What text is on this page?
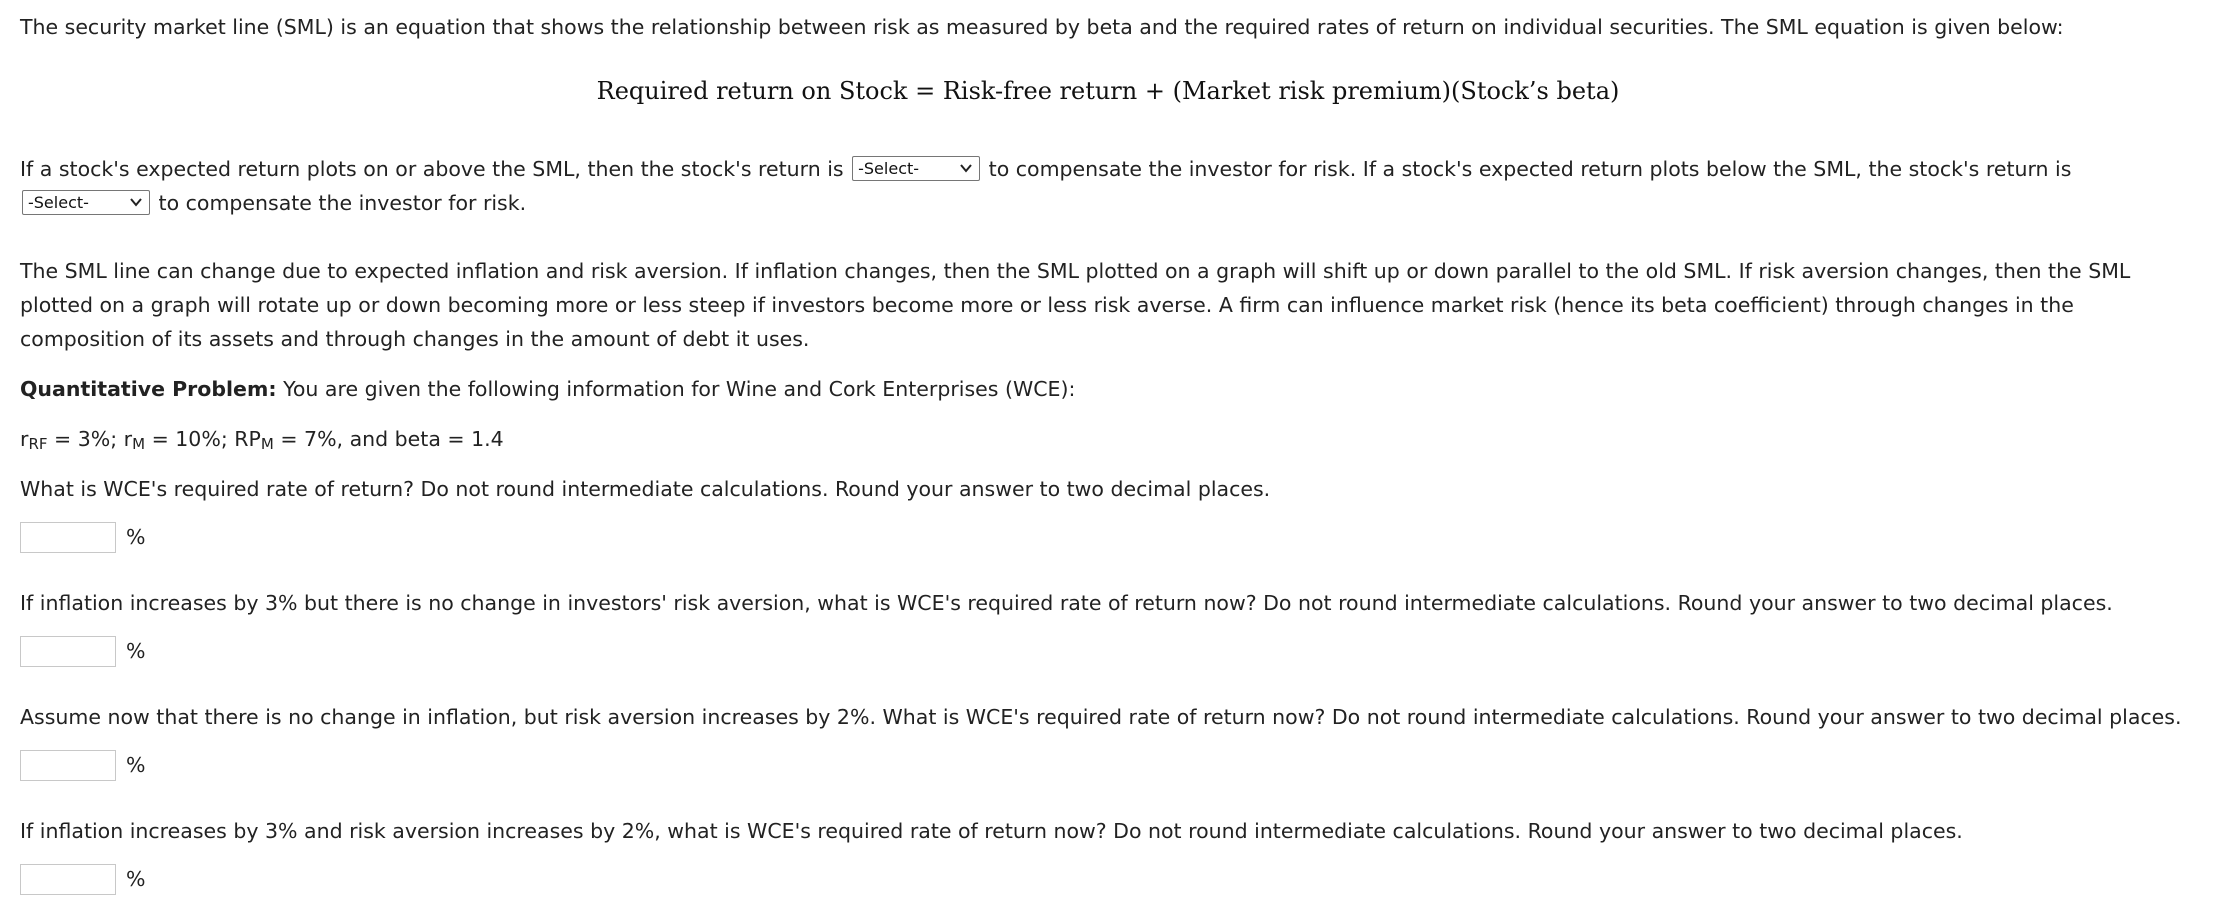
The security market line (SML) is an equation that shows the relationship between risk as measured by beta and the required rates of return on individual securities. The SML equation is given below:

Required return on Stock = Risk-free return + (Market risk premium)(Stock’s beta)

If a stock's expected return plots on or above the SML, then the stock's return is -Select-	to compensate the investor for risk. If a stock's expected return plots below the SML, the stock's return is
-Select-	to compensate the investor for risk.

The SML line can change due to expected inflation and risk aversion. If inflation changes, then the SML plotted on a graph will shift up or down parallel to the old SML. If risk aversion changes, then the SML plotted on a graph will rotate up or down becoming more or less steep if investors become more or less risk averse. A firm can influence market risk (hence its beta coefficient) through changes in the composition of its assets and through changes in the amount of debt it uses.

Quantitative Problem: You are given the following information for Wine and Cork Enterprises (WCE):

$r_{RF} = 3\%$; $r_M = 10\%$; $RP_M = 7\%$, and beta = 1.4

What is WCE's required rate of return? Do not round intermediate calculations. Round your answer to two decimal places.

%

If inflation increases by 3% but there is no change in investors' risk aversion, what is WCE's required rate of return now? Do not round intermediate calculations. Round your answer to two decimal places.

%

Assume now that there is no change in inflation, but risk aversion increases by 2%. What is WCE's required rate of return now? Do not round intermediate calculations. Round your answer to two decimal places.

%

If inflation increases by 3% and risk aversion increases by 2%, what is WCE's required rate of return now? Do not round intermediate calculations. Round your answer to two decimal places.

%
